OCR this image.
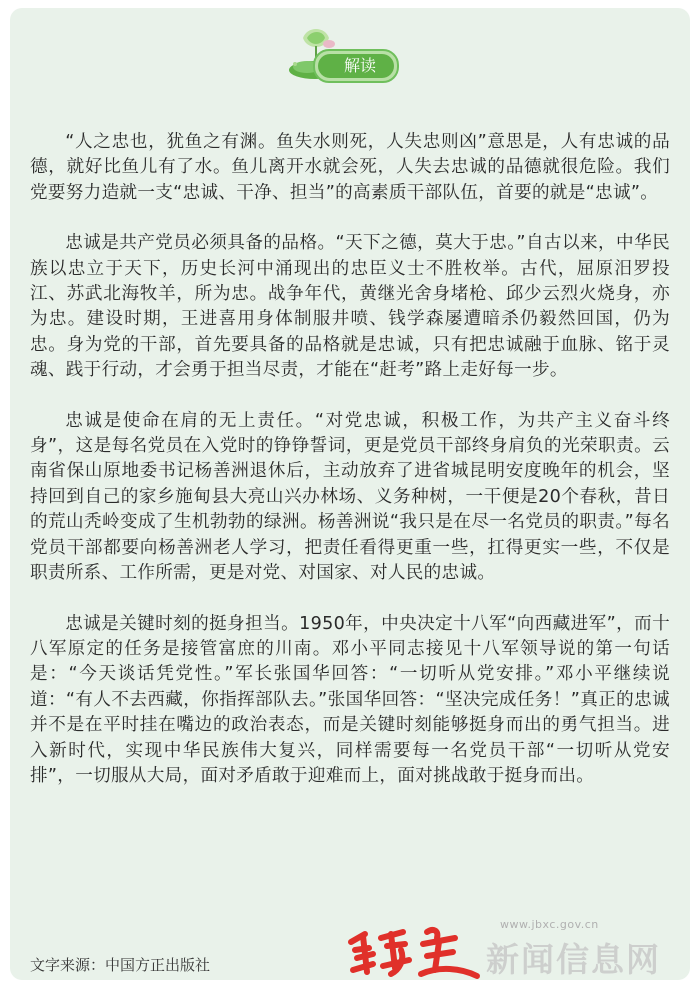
解读

“人之忠也，犹鱼之有渊。鱼失水则死，人失忠则凶”意思是，人有忠诚的品德，就好比鱼儿有了水。鱼儿离开水就会死，人失去忠诚的品德就很危险。我们党要努力造就一支“忠诚、干净、担当”的高素质干部队伍，首要的就是“忠诚”。

忠诚是共产党员必须具备的品格。“天下之德，莫大于忠。”自古以来，中华民族以忠立于天下，历史长河中涌现出的忠臣义士不胜枚举。古代，屈原汨罗投江、苏武北海牧羊，所为忠。战争年代，黄继光舍身堵枪、邱少云烈火烧身，亦为忠。建设时期，王进喜用身体制服井喷、钱学森屡遭暗杀仍毅然回国，仍为忠。身为党的干部，首先要具备的品格就是忠诚，只有把忠诚融于血脉、铭于灵魂、践于行动，才会勇于担当尽责，才能在“赶考”路上走好每一步。

忠诚是使命在肩的无上责任。“对党忠诚，积极工作，为共产主义奋斗终身”，这是每名党员在入党时的铮铮誓词，更是党员干部终身肩负的光荣职责。云南省保山原地委书记杨善洲退休后，主动放弃了进省城昆明安度晚年的机会，坚持回到自己的家乡施甸县大亮山兴办林场、义务种树，一干便是20个春秋，昔日的荒山秃岭变成了生机勃勃的绿洲。杨善洲说“我只是在尽一名党员的职责。”每名党员干部都要向杨善洲老人学习，把责任看得更重一些，扛得更实一些，不仅是职责所系、工作所需，更是对党、对国家、对人民的忠诚。

忠诚是关键时刻的挺身担当。1950年，中央决定十八军“向西藏进军”，而十八军原定的任务是接管富庶的川南。邓小平同志接见十八军领导说的第一句话是：“今天谈话凭党性。”军长张国华回答：“一切听从党安排。”邓小平继续说道：“有人不去西藏，你指挥部队去。”张国华回答：“坚决完成任务！”真正的忠诚并不是在平时挂在嘴边的政治表态，而是关键时刻能够挺身而出的勇气担当。进入新时代，实现中华民族伟大复兴，同样需要每一名党员干部“一切听从党安排”，一切服从大局，面对矛盾敢于迎难而上，面对挑战敢于挺身而出。

文字来源：中国方正出版社
www.jbxc.gov.cn
新闻信息网
